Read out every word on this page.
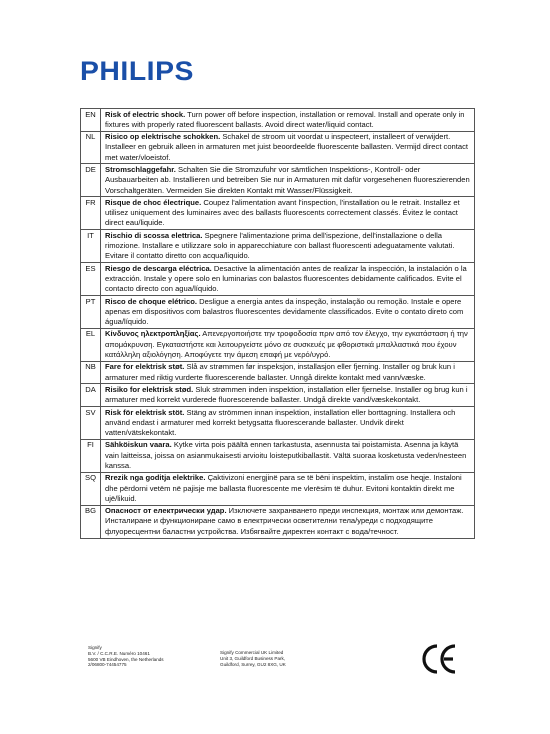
PHILIPS
EN	Risk of electric shock. Turn power off before inspection, installation or removal. Install and operate only in fixtures with properly rated fluorescent ballasts. Avoid direct water/liquid contact.
NL	Risico op elektrische schokken. Schakel de stroom uit voordat u inspecteert, installeert of verwijdert. Installeer en gebruik alleen in armaturen met juist beoordeelde fluorescente ballasten. Vermijd direct contact met water/vloeistof.
DE	Stromschlaggefahr. Schalten Sie die Stromzufuhr vor sämtlichen Inspektions-, Kontroll- oder Ausbauarbeiten ab. Installieren und betreiben Sie nur in Armaturen mit dafür vorgesehenen fluoreszierenden Vorschaltgeräten. Vermeiden Sie direkten Kontakt mit Wasser/Flüssigkeit.
FR	Risque de choc électrique. Coupez l'alimentation avant l'inspection, l'installation ou le retrait. Installez et utilisez uniquement des luminaires avec des ballasts fluorescents correctement classés. Évitez le contact direct eau/liquide.
IT	Rischio di scossa elettrica. Spegnere l'alimentazione prima dell'ispezione, dell'installazione o della rimozione. Installare e utilizzare solo in apparecchiature con ballast fluorescenti adeguatamente valutati. Evitare il contatto diretto con acqua/liquido.
ES	Riesgo de descarga eléctrica. Desactive la alimentación antes de realizar la inspección, la instalación o la extracción. Instale y opere solo en luminarias con balastos fluorescentes debidamente calificados. Evite el contacto directo con agua/líquido.
PT	Risco de choque elétrico. Desligue a energia antes da inspeção, instalação ou remoção. Instale e opere apenas em dispositivos com balastros fluorescentes devidamente classificados. Evite o contato direto com água/líquido.
EL	Κίνδυνος ηλεκτροπληξίας. Απενεργοποιήστε την τροφοδοσία πριν από τον έλεγχο, την εγκατάσταση ή την απομάκρυνση. Εγκαταστήστε και λειτουργείστε μόνο σε συσκευές με φθοριστικά μπαλλαστικά που έχουν κατάλληλη αξιολόγηση. Αποφύγετε την άμεση επαφή με νερό/υγρό.
NB	Fare for elektrisk støt. Slå av strømmen før inspeksjon, installasjon eller fjerning. Installer og bruk kun i armaturer med riktig vurderte fluorescerende ballaster. Unngå direkte kontakt med vann/væske.
DA	Risiko for elektrisk stød. Sluk strømmen inden inspektion, installation eller fjernelse. Installer og brug kun i armaturer med korrekt vurderede fluorescerende ballaster. Undgå direkte vand/væskekontakt.
SV	Risk för elektrisk stöt. Stäng av strömmen innan inspektion, installation eller borttagning. Installera och använd endast i armaturer med korrekt betygsatta fluorescerande ballaster. Undvik direkt vatten/vätskekontakt.
FI	Sähköiskun vaara. Kytke virta pois päältä ennen tarkastusta, asennusta tai poistamista. Asenna ja käytä vain laitteissa, joissa on asianmukaisesti arvioitu loisteputkiballastit. Vältä suoraa kosketusta veden/nesteen kanssa.
SQ	Rrezik nga goditja elektrike. Çaktivizoni energjinë para se të bëni inspektim, instalim ose heqje. Instaloni dhe përdorni vetëm në pajisje me ballasta fluorescente me vlerësim të duhur. Evitoni kontaktin direkt me ujë/likuid.
BG	Опасност от електрически удар. Изключете захранването преди инспекция, монтаж или демонтаж. Инсталиране и функциониране само в електрически осветителни тела/уреди с подходящите флуоресцентни баластни устройства. Избягвайте директен контакт с вода/течност.
Signify
B.V. / C.C.R.E. Numéro 10461
5600 VB Eindhoven, the Netherlands
2/06800-74454775
Signify Commercial UK Limited
Unit 3, Guildford Business Park,
Guildford, Surrey, GU2 8XG, UK
